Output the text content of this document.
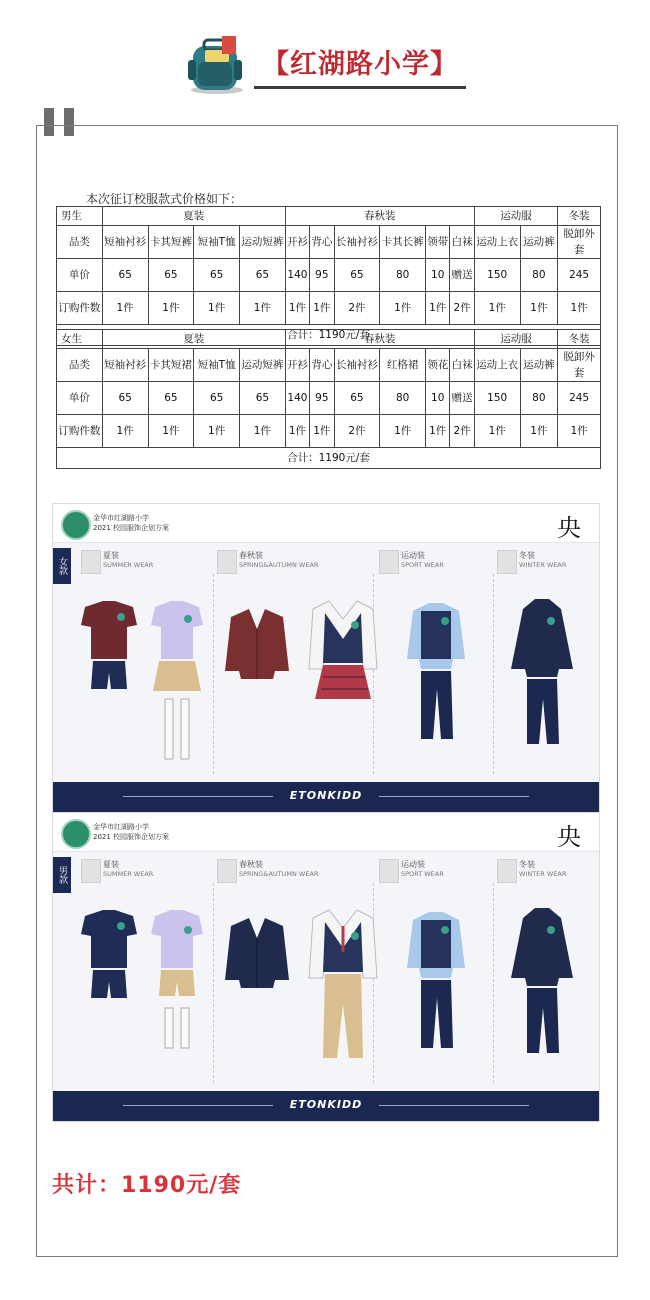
【红湖路小学】
本次征订校服款式价格如下：
男生	夏装				春秋装						运动服		冬装
品类	短袖衬衫	卡其短裤	短袖T恤	运动短裤	开衫	背心	长袖衬衫	卡其长裤	领带	白袜	运动上衣	运动裤	脱卸外套
单价	65	65	65	65	140	95	65	80	10	赠送	150	80	245
订购件数	1件	1件	1件	1件	1件	1件	2件	1件	1件	2件	1件	1件	1件
合计：1190元/套													
女生	夏装				春秋装						运动服		冬装
品类	短袖衬衫	卡其短裙	短袖T恤	运动短裤	开衫	背心	长袖衬衫	红格裙	领花	白袜	运动上衣	运动裤	脱卸外套
单价	65	65	65	65	140	95	65	80	10	赠送	150	80	245
订购件数	1件	1件	1件	1件	1件	1件	2件	1件	1件	2件	1件	1件	1件
合计：1190元/套													
金华市红湖路小学
2021 校园服饰企划方案	央
女款
夏装
SUMMER WEAR
春秋装
SPRING&AUTUMN WEAR
运动装
SPORT WEAR
冬装
WINTER WEAR
ETONKIDD
金华市红湖路小学
2021 校园服饰企划方案	央
男款
夏装
SUMMER WEAR
春秋装
SPRING&AUTUMN WEAR
运动装
SPORT WEAR
冬装
WINTER WEAR
ETONKIDD
共计：1190元/套
